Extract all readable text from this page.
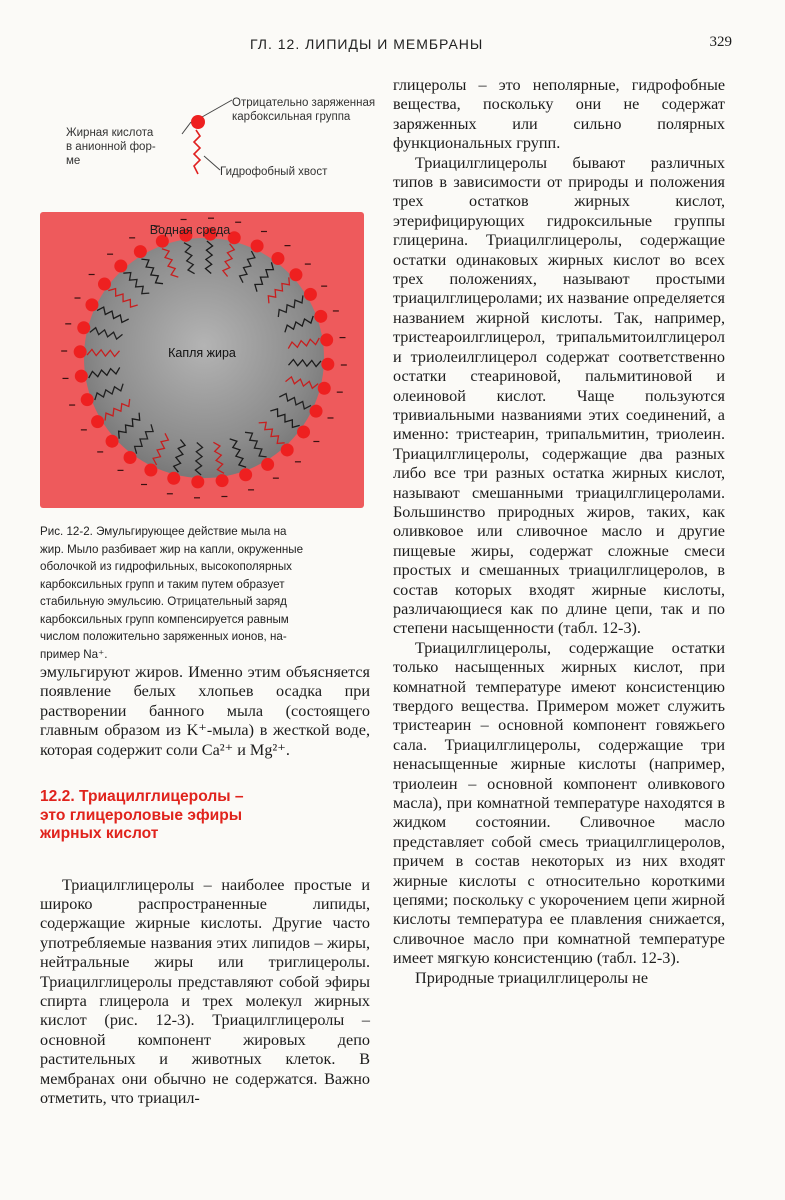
ГЛ. 12. ЛИПИДЫ И МЕМБРАНЫ	329
Отрицательно заряженная
карбоксильная группа
Жирная кислота
в анионной фор-
ме
Гидрофобный хвост
Водная среда
Капля жира
Рис. 12-2. Эмульгирующее действие мыла на
жир. Мыло разбивает жир на капли, окруженные
оболочкой из гидрофильных, высокополярных
карбоксильных групп и таким путем образует
стабильную эмульсию. Отрицательный заряд
карбоксильных групп компенсируется равным
числом положительно заряженных ионов, на-
пример Na⁺.

эмульгируют жиров. Именно этим объясняется появление белых хлопьев осадка при растворении банного мыла (состоящего главным образом из K⁺-мыла) в жесткой воде, которая содержит соли Ca²⁺ и Mg²⁺.

12.2. Триацилглицеролы –
это глицероловые эфиры
жирных кислот

Триацилглицеролы – наиболее простые и широко распространенные липиды, содержащие жирные кислоты. Другие часто употребляемые названия этих липидов – жиры, нейтральные жиры или триглицеролы. Триацилглицеролы представляют собой эфиры спирта глицерола и трех молекул жирных кислот (рис. 12-3). Триацилглицеролы – основной компонент жировых депо растительных и животных клеток. В мембранах они обычно не содержатся. Важно отметить, что триацил-

глицеролы – это неполярные, гидрофобные вещества, поскольку они не содержат заряженных или сильно полярных функциональных групп.

Триацилглицеролы бывают различных типов в зависимости от природы и положения трех остатков жирных кислот, этерифицирующих гидроксильные группы глицерина. Триацилглицеролы, содержащие остатки одинаковых жирных кислот во всех трех положениях, называют простыми триацилглицеролами; их название определяется названием жирной кислоты. Так, например, тристеароилглицерол, трипальмитоилглицерол и триолеилглицерол содержат соответственно остатки стеариновой, пальмитиновой и олеиновой кислот. Чаще пользуются тривиальными названиями этих соединений, а именно: тристеарин, трипальмитин, триолеин. Триацилглицеролы, содержащие два разных либо все три разных остатка жирных кислот, называют смешанными триацилглицеролами. Большинство природных жиров, таких, как оливковое или сливочное масло и другие пищевые жиры, содержат сложные смеси простых и смешанных триацилглицеролов, в состав которых входят жирные кислоты, различающиеся как по длине цепи, так и по степени насыщенности (табл. 12-3).

Триацилглицеролы, содержащие остатки только насыщенных жирных кислот, при комнатной температуре имеют консистенцию твердого вещества. Примером может служить тристеарин – основной компонент говяжьего сала. Триацилглицеролы, содержащие три ненасыщенные жирные кислоты (например, триолеин – основной компонент оливкового масла), при комнатной температуре находятся в жидком состоянии. Сливочное масло представляет собой смесь триацилглицеролов, причем в состав некоторых из них входят жирные кислоты с относительно короткими цепями; поскольку с укорочением цепи жирной кислоты температура ее плавления снижается, сливочное масло при комнатной температуре имеет мягкую консистенцию (табл. 12-3).

Природные триацилглицеролы не
